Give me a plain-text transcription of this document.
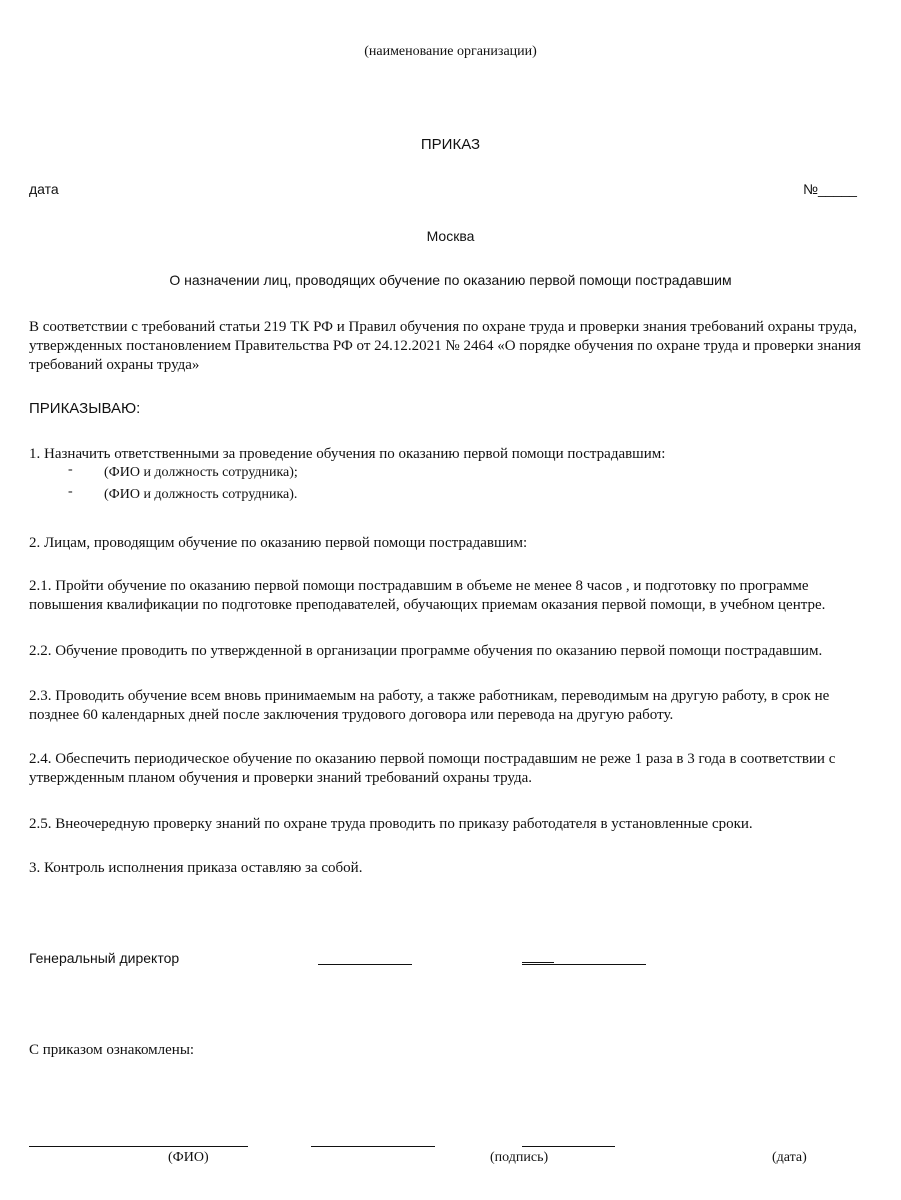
(наименование организации)
ПРИКАЗ
дата	№_____
Москва
О назначении лиц, проводящих обучение по оказанию первой помощи пострадавшим
В соответствии с требований статьи 219 ТК РФ и Правил обучения по охране труда и проверки знания требований охраны труда, утвержденных постановлением Правительства РФ от 24.12.2021 № 2464 «О порядке обучения по охране труда и проверки знания требований охраны труда»
ПРИКАЗЫВАЮ:
1. Назначить ответственными за проведение обучения по оказанию первой помощи пострадавшим:
- (ФИО и должность сотрудника);
- (ФИО и должность сотрудника).
2. Лицам, проводящим обучение по оказанию первой помощи пострадавшим:
2.1. Пройти обучение по оказанию первой помощи пострадавшим в объеме не менее 8 часов , и подготовку по программе повышения квалификации по подготовке преподавателей, обучающих приемам оказания первой помощи, в учебном центре.
2.2. Обучение проводить по утвержденной в организации программе обучения по оказанию первой помощи пострадавшим.
2.3. Проводить обучение всем вновь принимаемым на работу, а также работникам, переводимым на другую работу, в срок не позднее 60 календарных дней после заключения трудового договора или перевода на другую работу.
2.4. Обеспечить периодическое обучение по оказанию первой помощи пострадавшим не реже 1 раза в 3 года в соответствии с утвержденным планом обучения и проверки знаний требований охраны труда.
2.5. Внеочередную проверку знаний по охране труда проводить по приказу работодателя в установленные сроки.
3. Контроль исполнения приказа оставляю за собой.
Генеральный директор
С приказом ознакомлены:
(ФИО)	(подпись)	(дата)
